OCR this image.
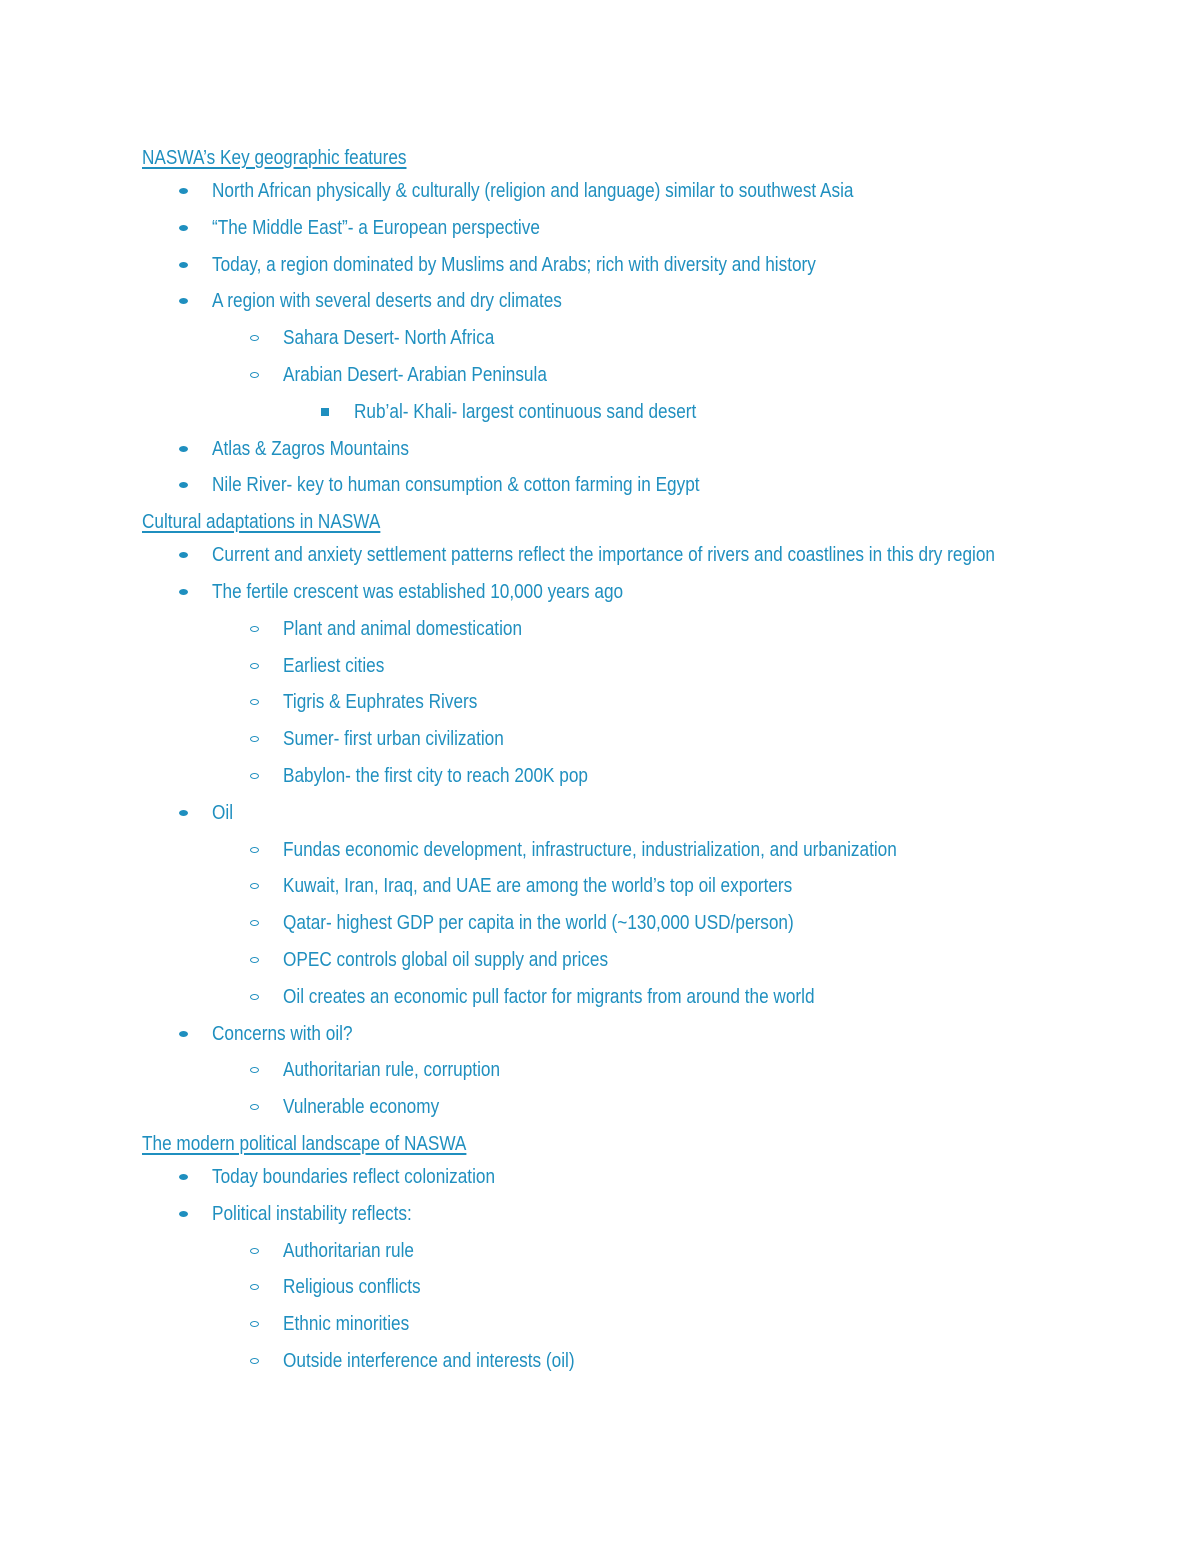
NASWA’s Key geographic features
North African physically & culturally (religion and language) similar to southwest Asia
“The Middle East”- a European perspective
Today, a region dominated by Muslims and Arabs; rich with diversity and history
A region with several deserts and dry climates
Sahara Desert- North Africa
Arabian Desert- Arabian Peninsula
Rub’al- Khali- largest continuous sand desert
Atlas & Zagros Mountains
Nile River- key to human consumption & cotton farming in Egypt
Cultural adaptations in NASWA
Current and anxiety settlement patterns reflect the importance of rivers and coastlines in this dry region
The fertile crescent was established 10,000 years ago
Plant and animal domestication
Earliest cities
Tigris & Euphrates Rivers
Sumer- first urban civilization
Babylon- the first city to reach 200K pop
Oil
Fundas economic development, infrastructure, industrialization, and urbanization
Kuwait, Iran, Iraq, and UAE are among the world’s top oil exporters
Qatar- highest GDP per capita in the world (~130,000 USD/person)
OPEC controls global oil supply and prices
Oil creates an economic pull factor for migrants from around the world
Concerns with oil?
Authoritarian rule, corruption
Vulnerable economy
The modern political landscape of NASWA
Today boundaries reflect colonization
Political instability reflects:
Authoritarian rule
Religious conflicts
Ethnic minorities
Outside interference and interests (oil)
